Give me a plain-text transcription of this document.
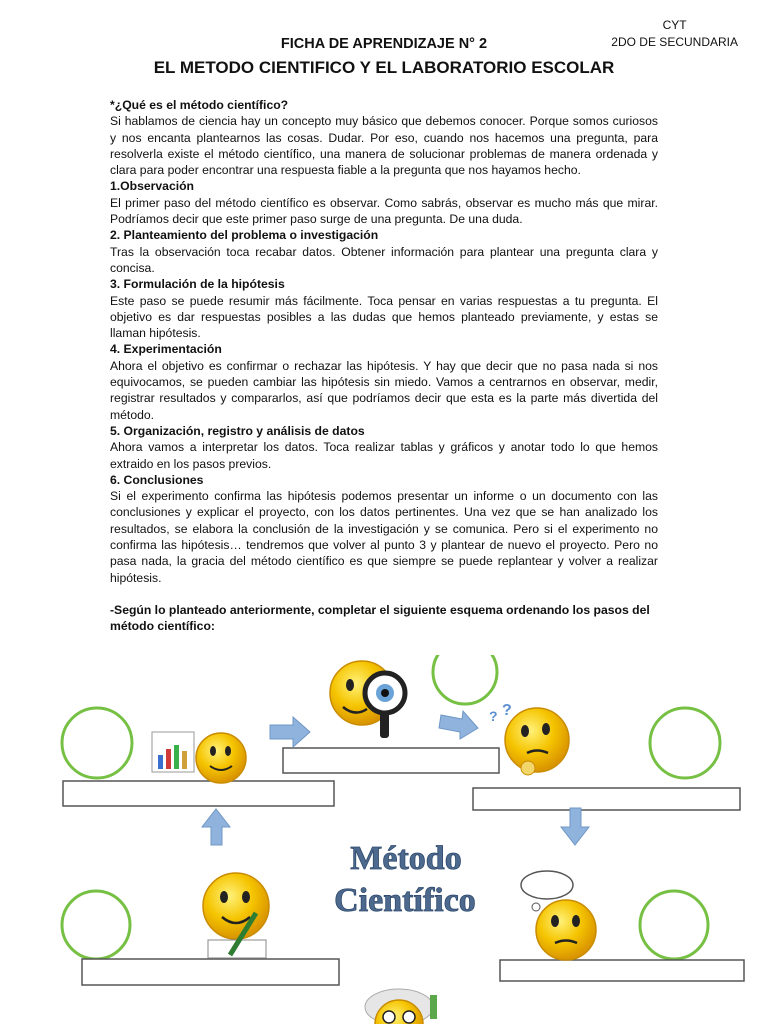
CYT
2DO DE SECUNDARIA
FICHA DE APRENDIZAJE N° 2
EL METODO CIENTIFICO Y EL LABORATORIO ESCOLAR
*¿Qué es el método científico?

Si hablamos de ciencia hay un concepto muy básico que debemos conocer. Porque somos curiosos y nos encanta plantearnos las cosas. Dudar. Por eso, cuando nos hacemos una pregunta, para resolverla existe el método científico, una manera de solucionar problemas de manera ordenada y clara para poder encontrar una respuesta fiable a la pregunta que nos hayamos hecho.

1.Observación

El primer paso del método científico es observar. Como sabrás, observar es mucho más que mirar. Podríamos decir que este primer paso surge de una pregunta. De una duda.

2. Planteamiento del problema o investigación

Tras la observación toca recabar datos. Obtener información para plantear una pregunta clara y concisa.

3. Formulación de la hipótesis

Este paso se puede resumir más fácilmente. Toca pensar en varias respuestas a tu pregunta. El objetivo es dar respuestas posibles a las dudas que hemos planteado previamente, y estas se llaman hipótesis.

4. Experimentación

Ahora el objetivo es confirmar o rechazar las hipótesis. Y hay que decir que no pasa nada si nos equivocamos, se pueden cambiar las hipótesis sin miedo. Vamos a centrarnos en observar, medir, registrar resultados y compararlos, así que podríamos decir que esta es la parte más divertida del método.

5. Organización, registro y análisis de datos

Ahora vamos a interpretar los datos. Toca realizar tablas y gráficos y anotar todo lo que hemos extraido en los pasos previos.

6. Conclusiones

Si el experimento confirma las hipótesis podemos presentar un informe o un documento con las conclusiones y explicar el proyecto, con los datos pertinentes. Una vez que se han analizado los resultados, se elabora la conclusión de la investigación y se comunica. Pero si el experimento no confirma las hipótesis… tendremos que volver al punto 3 y plantear de nuevo el proyecto. Pero no pasa nada, la gracia del método científico es que siempre se puede replantear y volver a realizar hipótesis.

-Según lo planteado anteriormente, completar el siguiente esquema ordenando los pasos del método científico:
Método
Científico
? ?
